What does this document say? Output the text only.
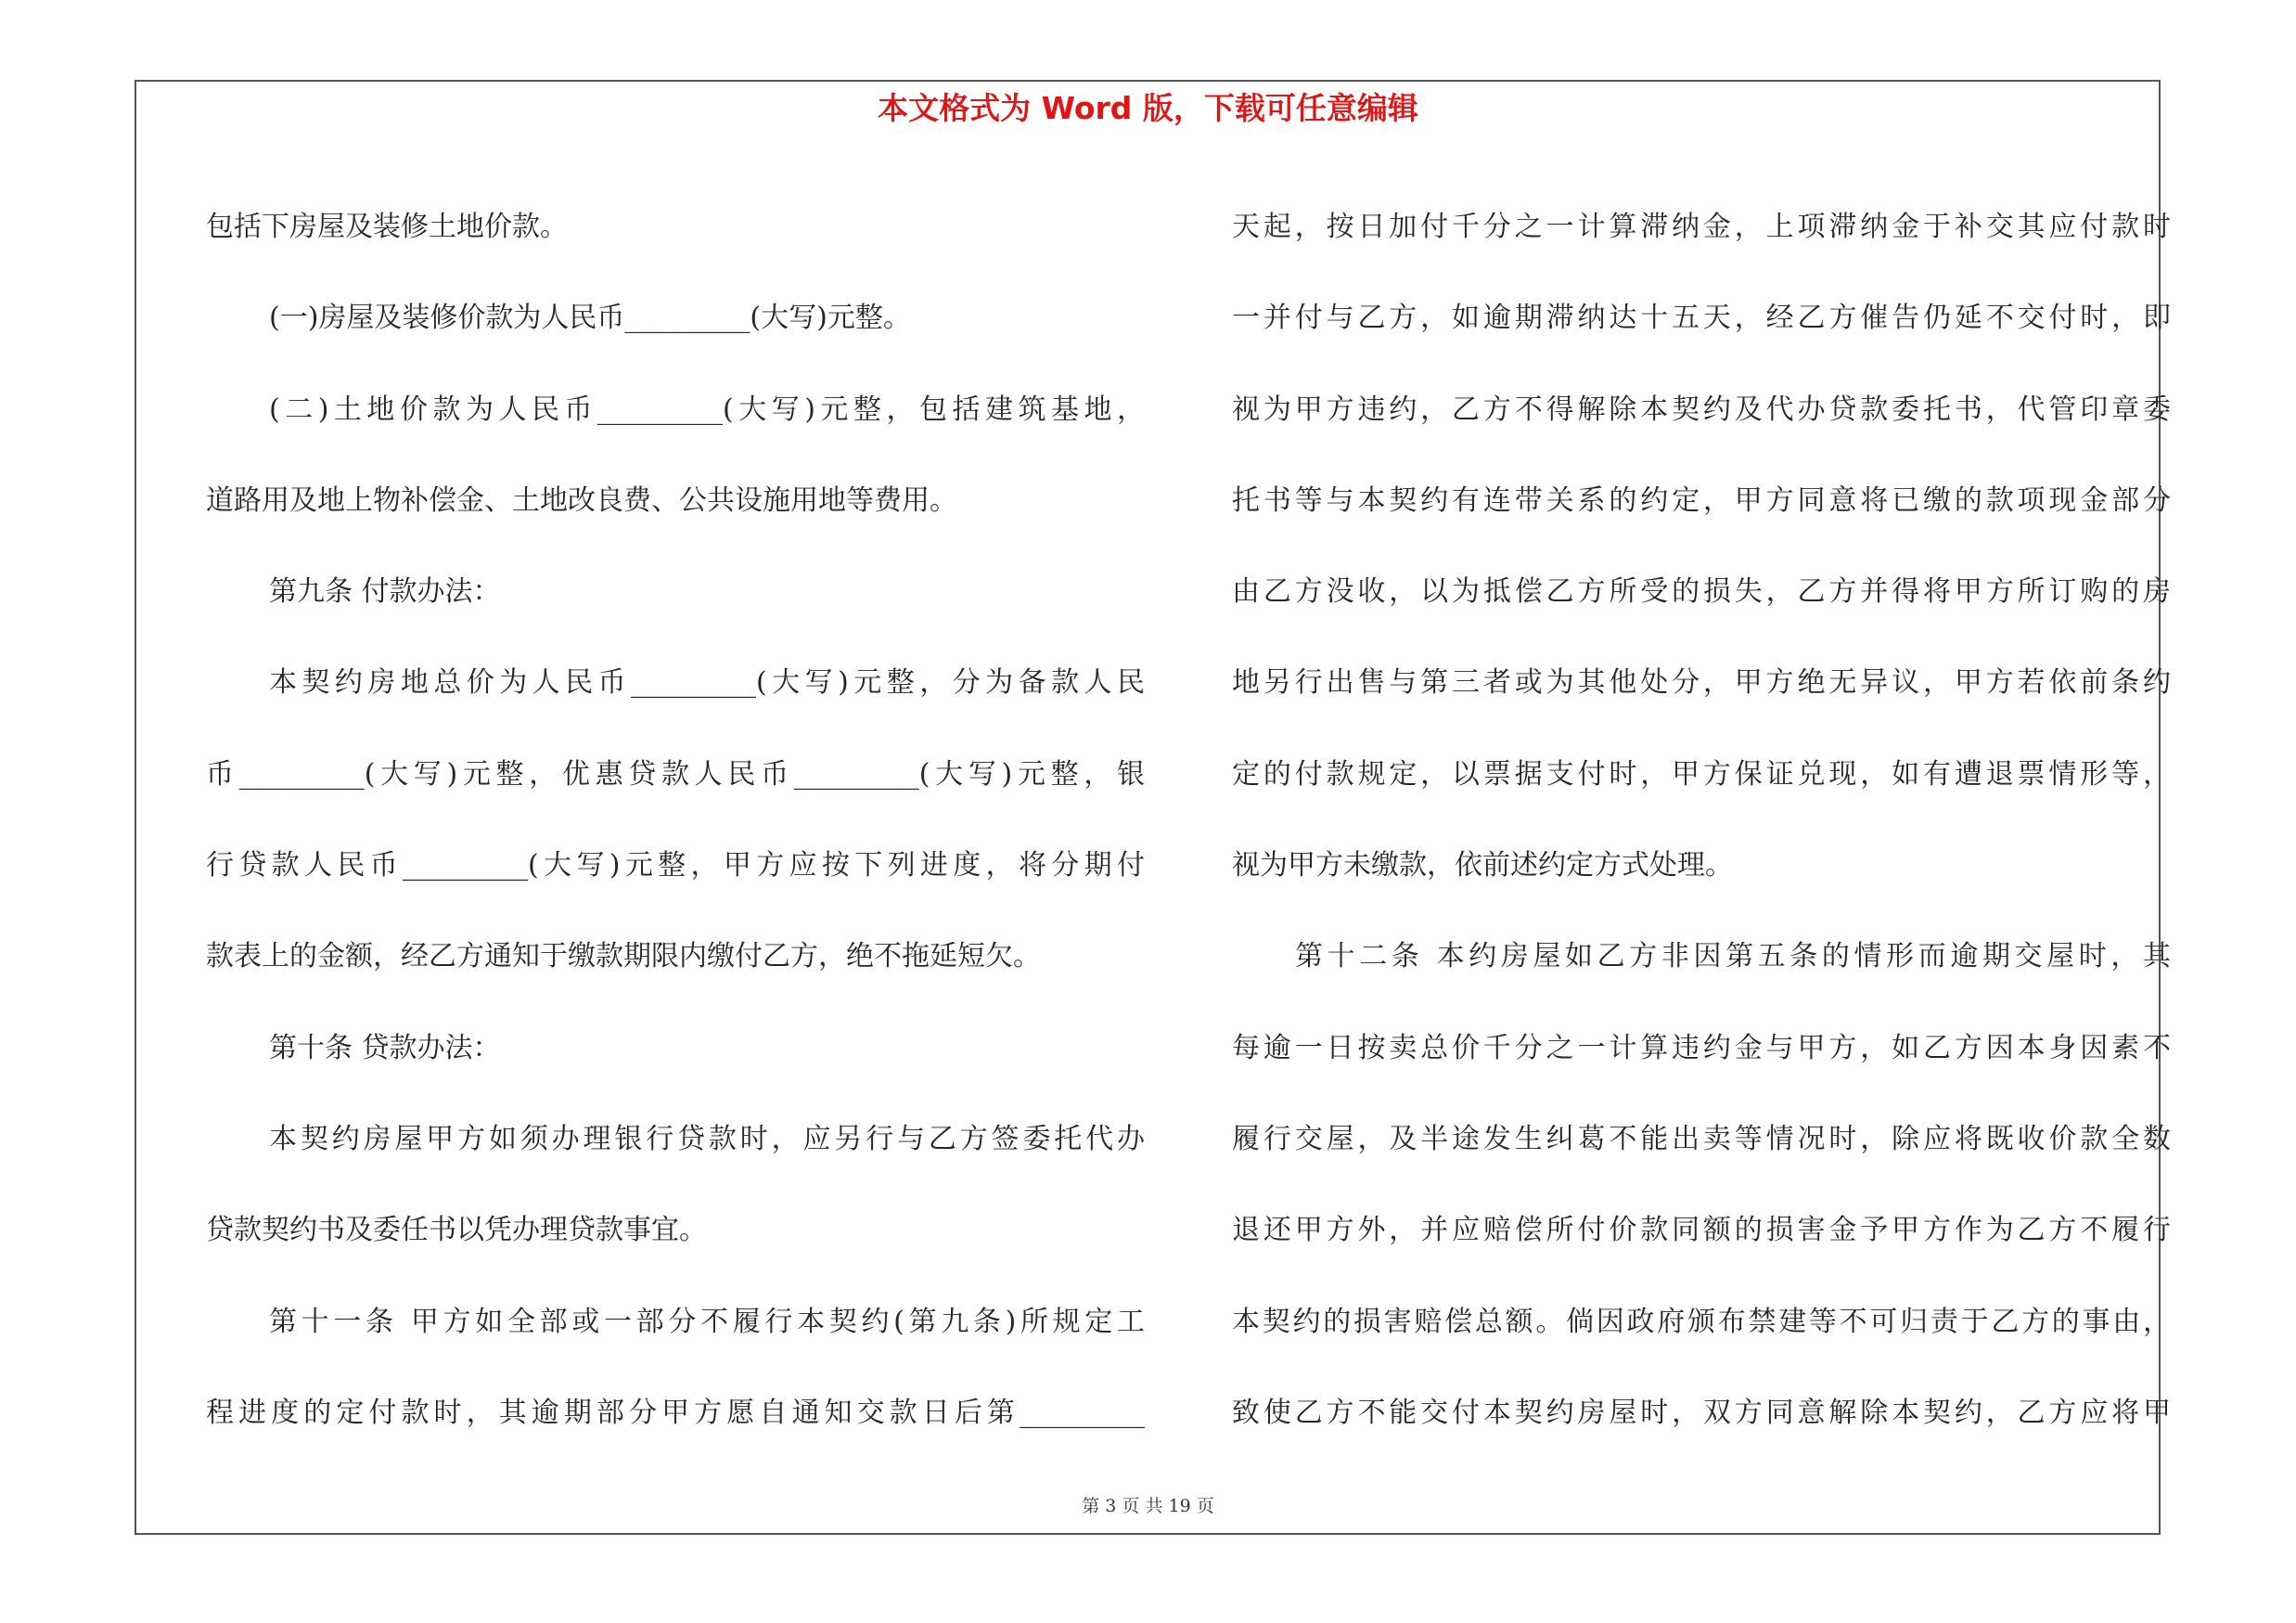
本文格式为 Word 版，下载可任意编辑
包括下房屋及装修土地价款。
(一)房屋及装修价款为人民币_________(大写)元整。
(二)土地价款为人民币_________(大写)元整，包括建筑基地，
道路用及地上物补偿金、土地改良费、公共设施用地等费用。
第九条 付款办法：
本契约房地总价为人民币_________(大写)元整，分为备款人民
币_________(大写)元整，优惠贷款人民币_________(大写)元整，银
行贷款人民币_________(大写)元整，甲方应按下列进度，将分期付
款表上的金额，经乙方通知于缴款期限内缴付乙方，绝不拖延短欠。
第十条 贷款办法：
本契约房屋甲方如须办理银行贷款时，应另行与乙方签委托代办
贷款契约书及委任书以凭办理贷款事宜。
第十一条 甲方如全部或一部分不履行本契约(第九条)所规定工
程进度的定付款时，其逾期部分甲方愿自通知交款日后第_________
天起，按日加付千分之一计算滞纳金，上项滞纳金于补交其应付款时
一并付与乙方，如逾期滞纳达十五天，经乙方催告仍延不交付时，即
视为甲方违约，乙方不得解除本契约及代办贷款委托书，代管印章委
托书等与本契约有连带关系的约定，甲方同意将已缴的款项现金部分
由乙方没收，以为抵偿乙方所受的损失，乙方并得将甲方所订购的房
地另行出售与第三者或为其他处分，甲方绝无异议，甲方若依前条约
定的付款规定，以票据支付时，甲方保证兑现，如有遭退票情形等，
视为甲方未缴款，依前述约定方式处理。
第十二条 本约房屋如乙方非因第五条的情形而逾期交屋时，其
每逾一日按卖总价千分之一计算违约金与甲方，如乙方因本身因素不
履行交屋，及半途发生纠葛不能出卖等情况时，除应将既收价款全数
退还甲方外，并应赔偿所付价款同额的损害金予甲方作为乙方不履行
本契约的损害赔偿总额。倘因政府颁布禁建等不可归责于乙方的事由，
致使乙方不能交付本契约房屋时，双方同意解除本契约，乙方应将甲
第 3 页 共 19 页
